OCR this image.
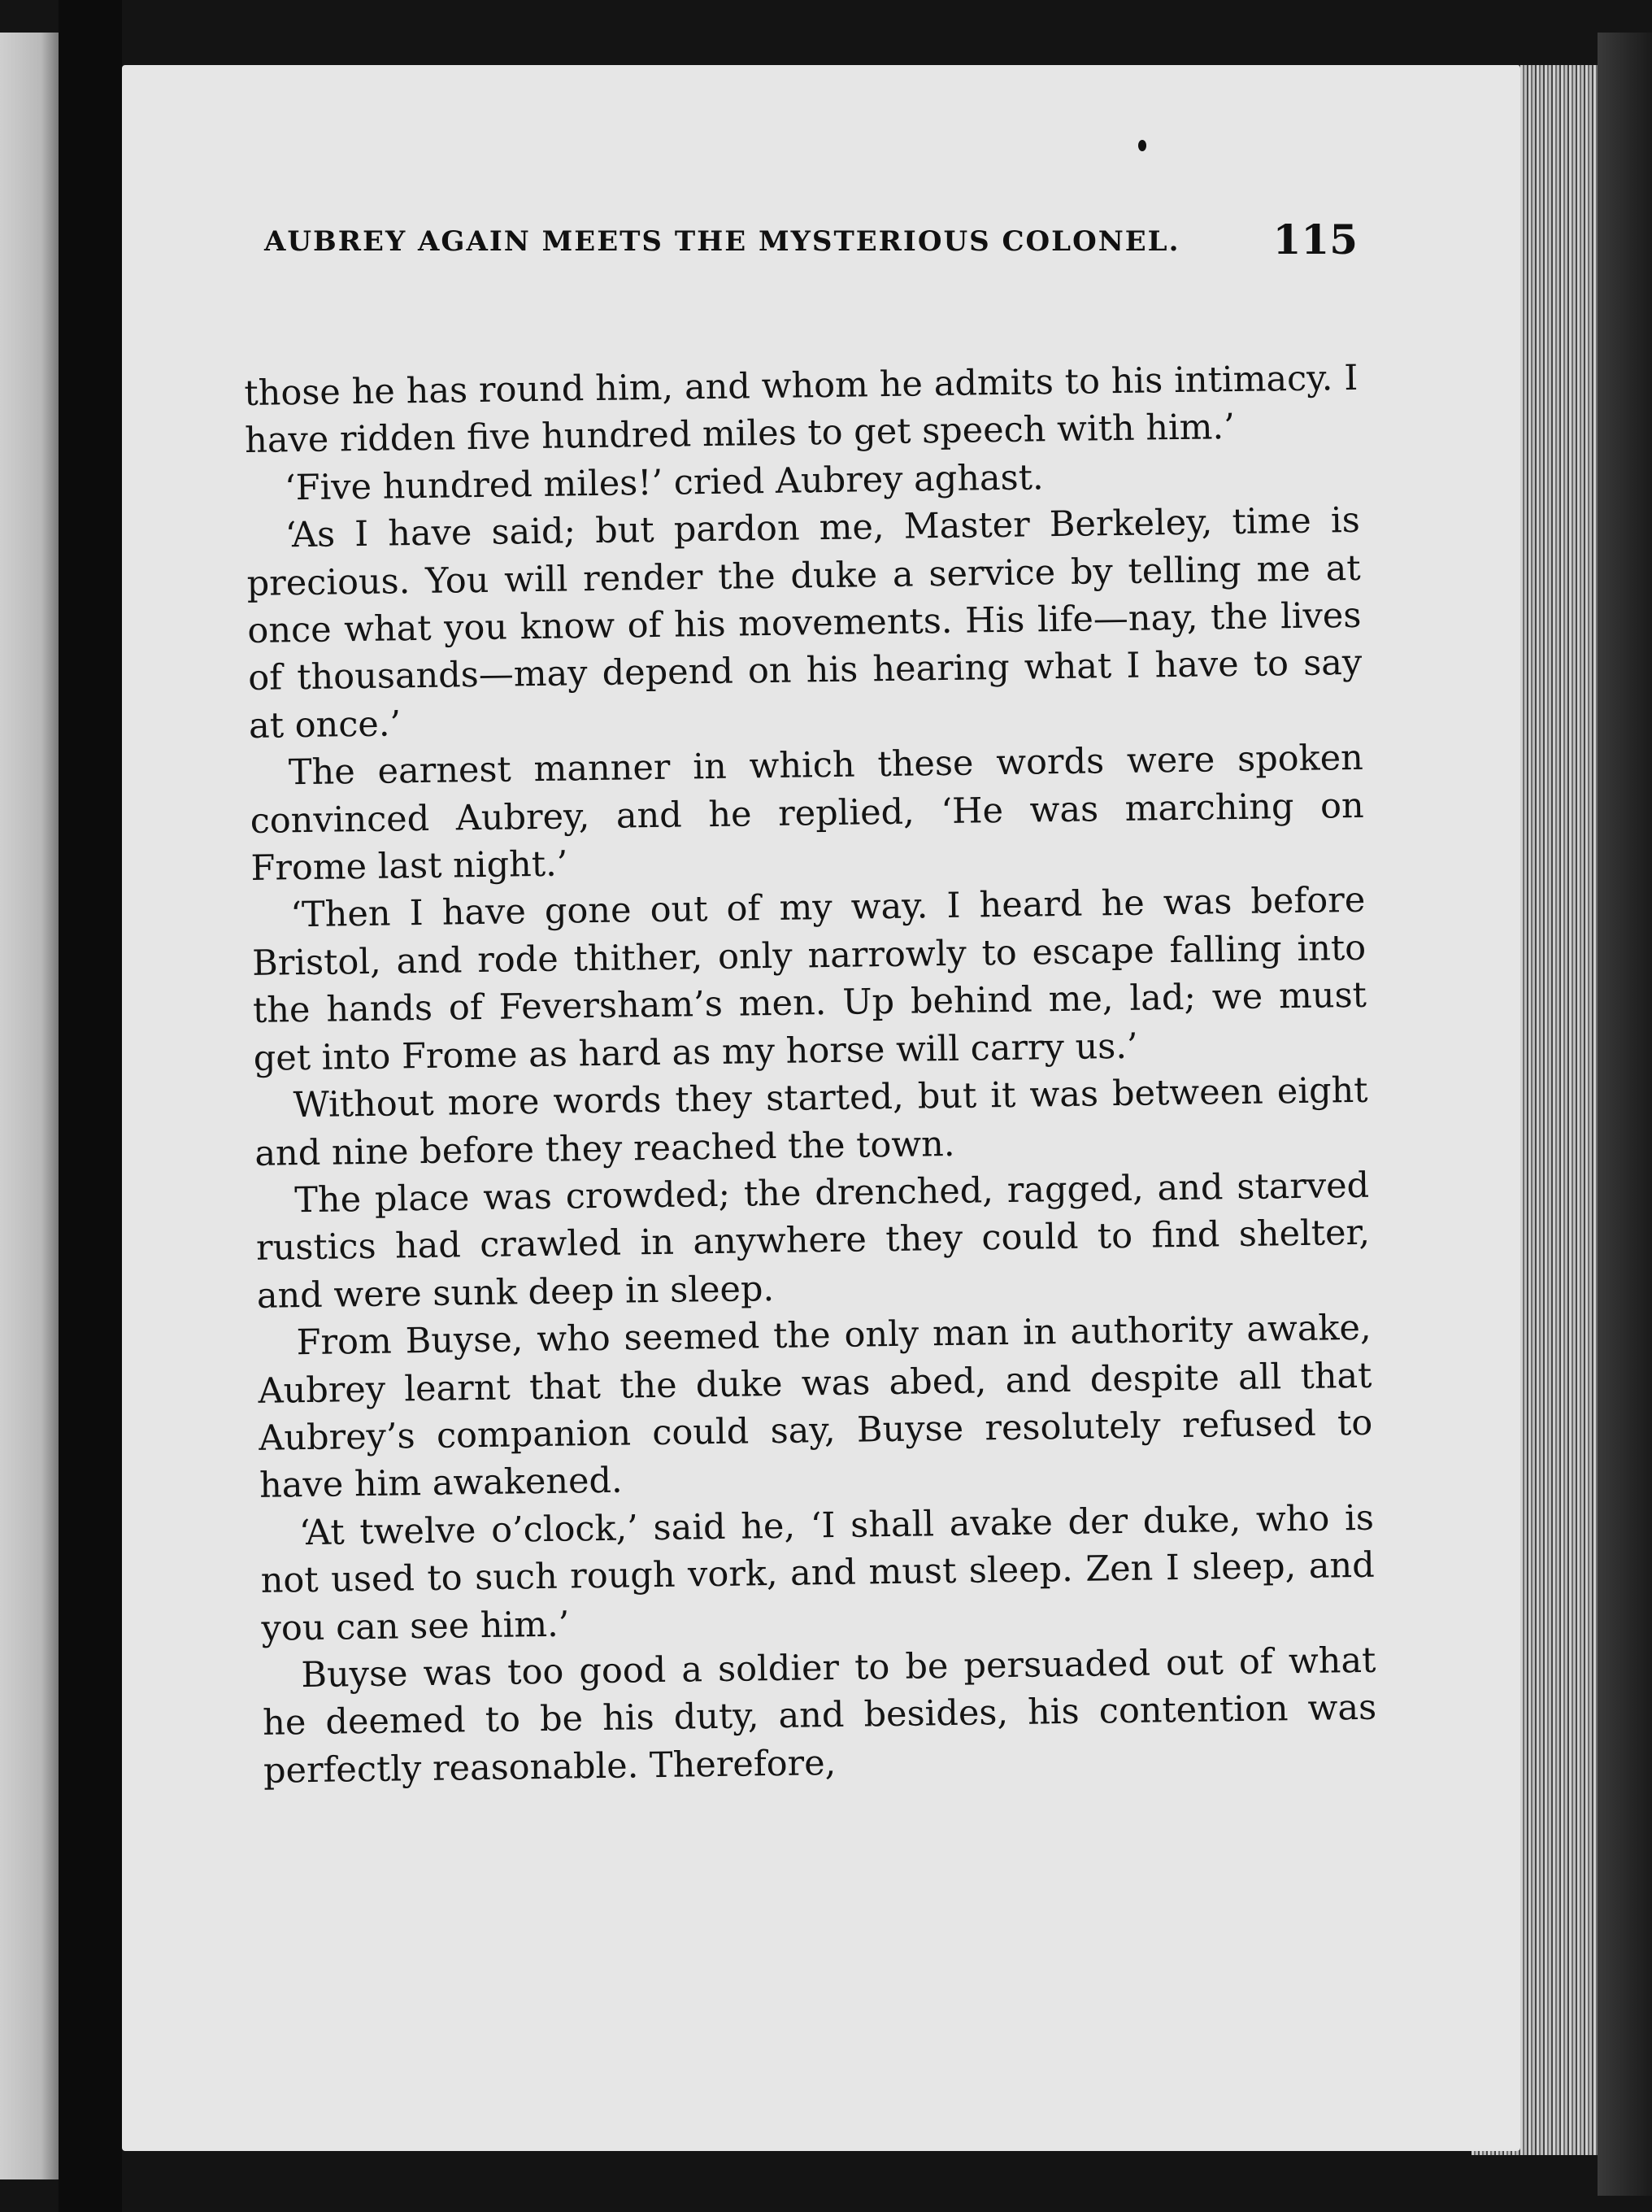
AUBREY AGAIN MEETS THE MYSTERIOUS COLONEL. 115

those he has round him, and whom he admits to his intimacy. I have ridden five hundred miles to get speech with him.’

‘Five hundred miles!’ cried Aubrey aghast.

‘As I have said; but pardon me, Master Berkeley, time is precious. You will render the duke a service by telling me at once what you know of his movements. His life—nay, the lives of thousands—may depend on his hearing what I have to say at once.’

The earnest manner in which these words were spoken convinced Aubrey, and he replied, ‘He was marching on Frome last night.’

‘Then I have gone out of my way. I heard he was before Bristol, and rode thither, only narrowly to escape falling into the hands of Feversham’s men. Up behind me, lad; we must get into Frome as hard as my horse will carry us.’

Without more words they started, but it was between eight and nine before they reached the town.

The place was crowded; the drenched, ragged, and starved rustics had crawled in anywhere they could to find shelter, and were sunk deep in sleep.

From Buyse, who seemed the only man in authority awake, Aubrey learnt that the duke was abed, and despite all that Aubrey’s companion could say, Buyse resolutely refused to have him awakened.

‘At twelve o’clock,’ said he, ‘I shall avake der duke, who is not used to such rough vork, and must sleep. Zen I sleep, and you can see him.’

Buyse was too good a soldier to be persuaded out of what he deemed to be his duty, and besides, his contention was perfectly reasonable. Therefore,
